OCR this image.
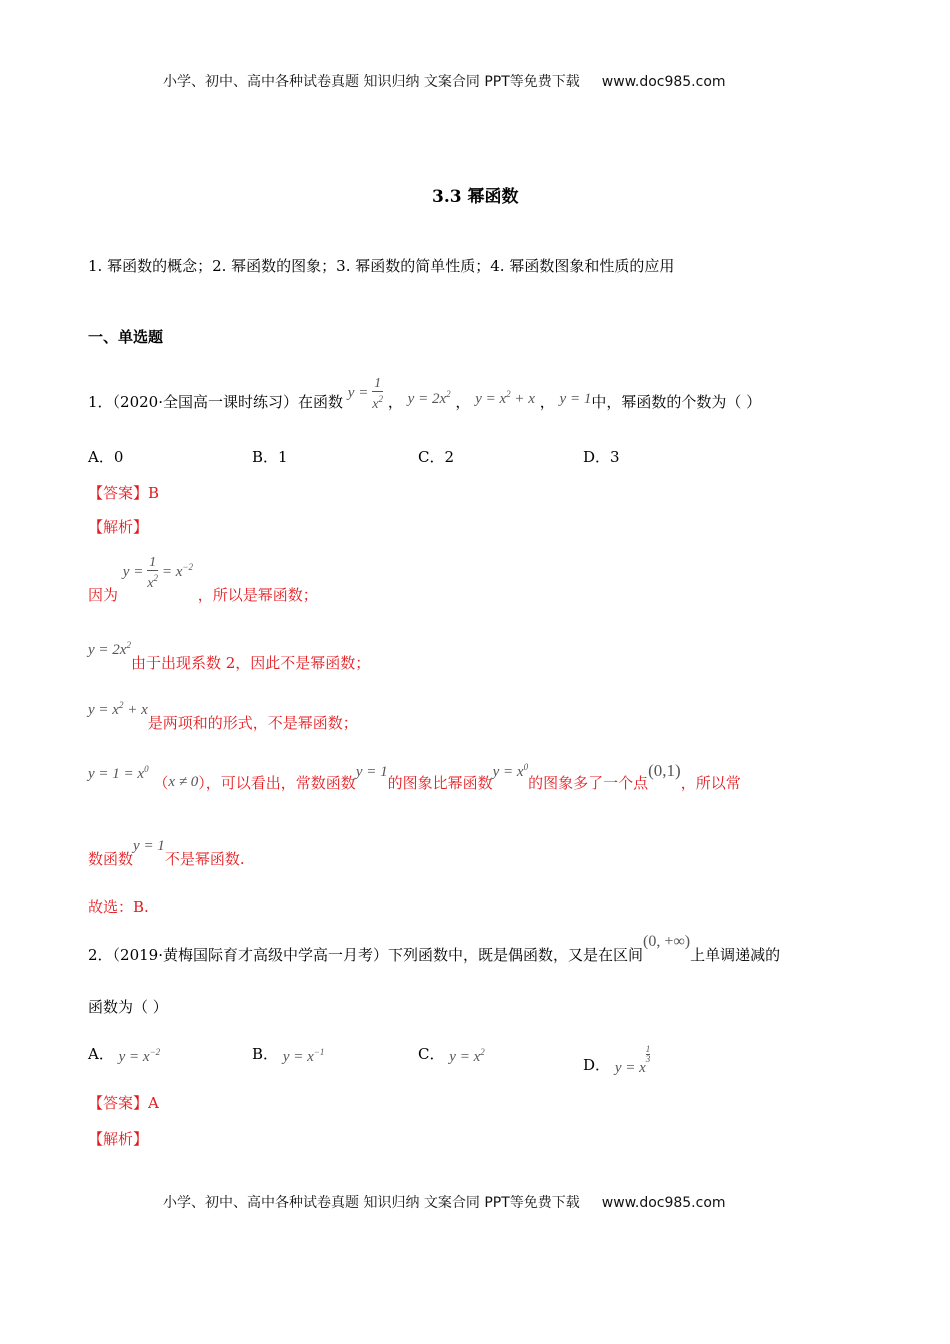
小学、初中、高中各种试卷真题 知识归纳 文案合同 PPT等免费下载 www.doc985.com
3.3 幂函数
1. 幂函数的概念；2. 幂函数的图象；3. 幂函数的简单性质；4. 幂函数图象和性质的应用
一、单选题
1．（2020·全国高一课时练习）在函数 $y = \frac{1}{x^2}$ ， $y = 2x^2$ ， $y = x^2 + x$ ， y = 1中，幂函数的个数为（ ）
A．0	B．1	C．2	D．3
【答案】B
【解析】
因为 $y = \frac{1}{x^2} = x^{-2}$ ，所以是幂函数；
$y = 2x^2$由于出现系数 2，因此不是幂函数；
$y = x^2 + x$是两项和的形式，不是幂函数；
$y = 1 = x^0$ （x ≠ 0），可以看出，常数函数y = 1的图象比幂函数$y = x^0$的图象多了一个点(0,1)，所以常
数函数y = 1不是幂函数.
故选：B.
2．（2019·黄梅国际育才高级中学高一月考）下列函数中，既是偶函数，又是在区间(0, +∞)上单调递减的
函数为（ ）
A． $y = x^{-2}$	B． $y = x^{-1}$	C． $y = x^2$
D． y = x
$\frac{1}{3}$
【答案】A
【解析】
小学、初中、高中各种试卷真题 知识归纳 文案合同 PPT等免费下载 www.doc985.com
